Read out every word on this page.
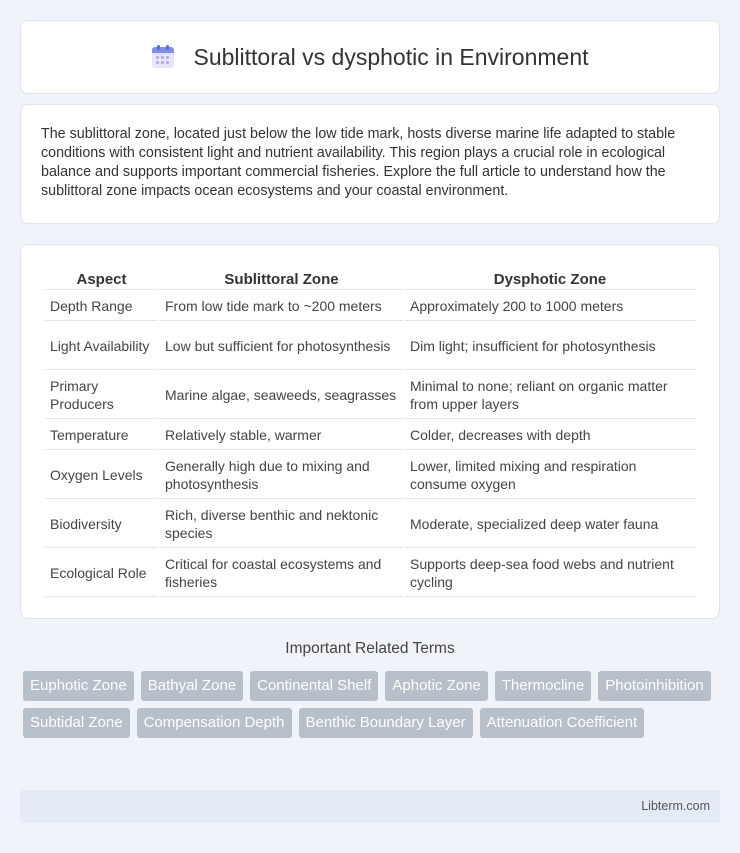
Sublittoral vs dysphotic in Environment

The sublittoral zone, located just below the low tide mark, hosts diverse marine life adapted to stable conditions with consistent light and nutrient availability. This region plays a crucial role in ecological balance and supports important commercial fisheries. Explore the full article to understand how the sublittoral zone impacts ocean ecosystems and your coastal environment.

Aspect	Sublittoral Zone	Dysphotic Zone
Depth Range	From low tide mark to ~200 meters	Approximately 200 to 1000 meters
Light Availability	Low but sufficient for photosynthesis	Dim light; insufficient for photosynthesis
Primary Producers	Marine algae, seaweeds, seagrasses	Minimal to none; reliant on organic matter from upper layers
Temperature	Relatively stable, warmer	Colder, decreases with depth
Oxygen Levels	Generally high due to mixing and photosynthesis	Lower, limited mixing and respiration consume oxygen
Biodiversity	Rich, diverse benthic and nektonic species	Moderate, specialized deep water fauna
Ecological Role	Critical for coastal ecosystems and fisheries	Supports deep-sea food webs and nutrient cycling
Important Related Terms
Euphotic Zone	Bathyal Zone	Continental Shelf	Aphotic Zone	Thermocline	Photoinhibition
Subtidal Zone	Compensation Depth	Benthic Boundary Layer	Attenuation Coefficient
Libterm.com
